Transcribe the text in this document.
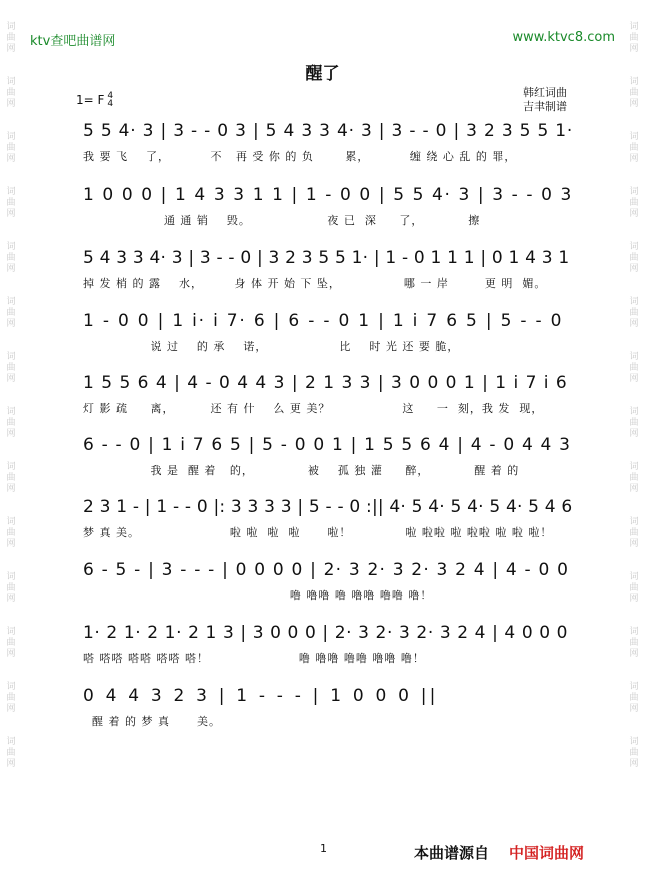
词
曲
网
词
曲
网
词
曲
网
词
曲
网
词
曲
网
词
曲
网
词
曲
网
词
曲
网
词
曲
网
词
曲
网
词
曲
网
词
曲
网
词
曲
网
词
曲
网
词
曲
网
词
曲
网
词
曲
网
词
曲
网
词
曲
网
词
曲
网
词
曲
网
词
曲
网
词
曲
网
词
曲
网
词
曲
网
词
曲
网
词
曲
网
词
曲
网
ktv查吧曲谱网	www.ktvc8.com
醒了
1= F 4
4
韩红词曲
吉聿制谱
5 5 4· 3 | 3 - - 0 3 | 5 4 3 3 4· 3 | 3 - - 0 | 3 2 3 5 5 1·
我 要 飞    了，         不   再 受 你 的 负       累，         缠 绕 心 乱 的 罪，
1 0 0 0 | 1 4 3 3 1 1 | 1 - 0 0 | 5 5 4· 3 | 3 - - 0 3
通 通 销    毁。                 夜 已  深     了，          擦
5 4 3 3 4· 3 | 3 - - 0 | 3 2 3 5 5 1· | 1 - 0 1 1 1 | 0 1 4 3 1
掉 发 梢 的 露    水，       身 体 开 始 下 坠，              哪 一 岸        更 明  媚。
1 - 0 0 | 1 i· i 7· 6 | 6 - - 0 1 | 1 i 7 6 5 | 5 - - 0
说 过    的 承    诺，                比    时 光 还 要 脆，
1 5 5 6 4 | 4 - 0 4 4 3 | 2 1 3 3 | 3 0 0 0 1 | 1 i 7 i 6
灯 影 疏     离，        还 有 什    么 更 美？                这     一  刻，我 发  现，
6 - - 0 | 1 i 7 6 5 | 5 - 0 0 1 | 1 5 5 6 4 | 4 - 0 4 4 3
我 是  醒 着   的，            被    孤 独 灌     醉，          醒 着 的
2 3 1 - | 1 - - 0 |: 3 3 3 3 | 5 - - 0 :|| 4· 5 4· 5 4· 5 4· 5 4 6
梦 真 美。                    啦 啦  啦  啦      啦！            啦 啦啦 啦 啦啦 啦 啦 啦！
6 - 5 - | 3 - - - | 0 0 0 0 | 2· 3 2· 3 2· 3 2 4 | 4 - 0 0
噜 噜噜 噜 噜噜 噜噜 噜！
1· 2 1· 2 1· 2 1 3 | 3 0 0 0 | 2· 3 2· 3 2· 3 2 4 | 4 0 0 0
嗒 嗒嗒 嗒嗒 嗒嗒 嗒！                    噜 噜噜 噜噜 噜噜 噜！
0 4 4 3 2 3 | 1 - - - | 1 0 0 0 ||
醒 着 的 梦 真      美。
1	本曲谱源自 中国词曲网
